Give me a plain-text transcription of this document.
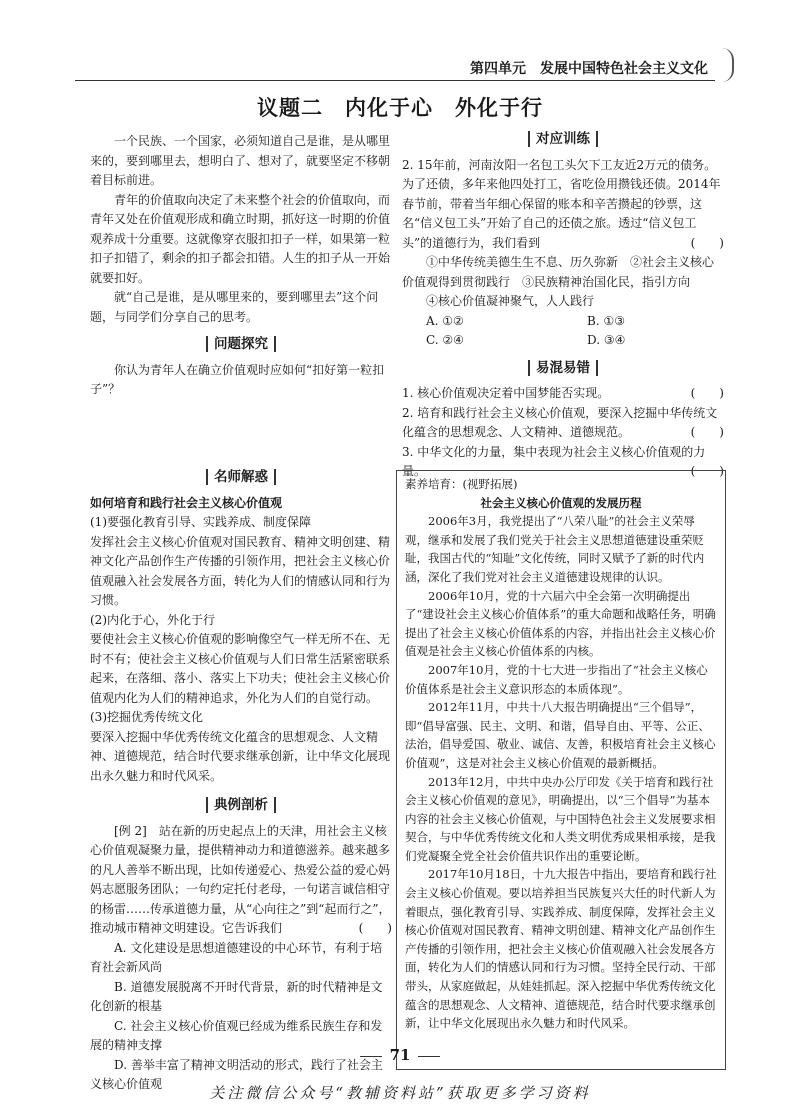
第四单元　发展中国特色社会主义文化
议题二　内化于心　外化于行

一个民族、一个国家，必须知道自己是谁，是从哪里来的，要到哪里去，想明白了、想对了，就要坚定不移朝着目标前进。

青年的价值取向决定了未来整个社会的价值取向，而青年又处在价值观形成和确立时期，抓好这一时期的价值观养成十分重要。这就像穿衣服扣扣子一样，如果第一粒扣子扣错了，剩余的扣子都会扣错。人生的扣子从一开始就要扣好。

就“自己是谁，是从哪里来的，要到哪里去”这个问题，与同学们分享自己的思考。

问题探究

你认为青年人在确立价值观时应如何“扣好第一粒扣子”？

名师解惑

如何培育和践行社会主义核心价值观

(1)要强化教育引导、实践养成、制度保障

发挥社会主义核心价值观对国民教育、精神文明创建、精神文化产品创作生产传播的引领作用，把社会主义核心价值观融入社会发展各方面，转化为人们的情感认同和行为习惯。

(2)内化于心，外化于行

要使社会主义核心价值观的影响像空气一样无所不在、无时不有；使社会主义核心价值观与人们日常生活紧密联系起来，在落细、落小、落实上下功夫；使社会主义核心价值观内化为人们的精神追求，外化为人们的自觉行动。

(3)挖掘优秀传统文化

要深入挖掘中华优秀传统文化蕴含的思想观念、人文精神、道德规范，结合时代要求继承创新，让中华文化展现出永久魅力和时代风采。

典例剖析

[例 2]　 站在新的历史起点上的天津，用社会主义核心价值观凝聚力量，提供精神动力和道德滋养。越来越多的凡人善举不断出现，比如传递爱心、热爱公益的爱心妈妈志愿服务团队；一句约定托付老母，一句诺言诚信相守的杨雷……传承道德力量，从“心向往之”到“起而行之”，推动城市精神文明建设。它告诉我们	(　　)

A. 文化建设是思想道德建设的中心环节，有利于培育社会新风尚

B. 道德发展脱离不开时代背景，新的时代精神是文化创新的根基

C. 社会主义核心价值观已经成为维系民族生存和发展的精神支撑

D. 善举丰富了精神文明活动的形式，践行了社会主义核心价值观

对应训练

2. 15年前，河南汝阳一名包工头欠下工友近2万元的债务。为了还债，多年来他四处打工，省吃俭用攒钱还债。2014年春节前，带着当年细心保留的账本和辛苦攒起的钞票，这名“信义包工头”开始了自己的还债之旅。透过“信义包工头”的道德行为，我们看到	(　　)

①中华传统美德生生不息、历久弥新　②社会主义核心价值观得到贯彻践行　③民族精神治国化民，指引方向

④核心价值凝神聚气，人人践行

A. ①②	B. ①③
C. ②④	D. ③④
易混易错

1. 核心价值观决定着中国梦能否实现。	(　　)

2. 培育和践行社会主义核心价值观，要深入挖掘中华传统文化蕴含的思想观念、人文精神、道德规范。	(　　)

3. 中华文化的力量，集中表现为社会主义核心价值观的力量。	(　　)

素养培育：(视野拓展)

社会主义核心价值观的发展历程

2006年3月，我党提出了“八荣八耻”的社会主义荣辱观，继承和发展了我们党关于社会主义思想道德建设重荣贬耻，我国古代的“知耻”文化传统，同时又赋予了新的时代内涵，深化了我们党对社会主义道德建设规律的认识。

2006年10月，党的十六届六中全会第一次明确提出了“建设社会主义核心价值体系”的重大命题和战略任务，明确提出了社会主义核心价值体系的内容，并指出社会主义核心价值观是社会主义核心价值体系的内核。

2007年10月，党的十七大进一步指出了“社会主义核心价值体系是社会主义意识形态的本质体现”。

2012年11月，中共十八大报告明确提出“三个倡导”，即“倡导富强、民主、文明、和谐，倡导自由、平等、公正、法治，倡导爱国、敬业、诚信、友善，积极培育社会主义核心价值观”，这是对社会主义核心价值观的最新概括。

2013年12月，中共中央办公厅印发《关于培育和践行社会主义核心价值观的意见》，明确提出，以“三个倡导”为基本内容的社会主义核心价值观，与中国特色社会主义发展要求相契合，与中华优秀传统文化和人类文明优秀成果相承接，是我们党凝聚全党全社会价值共识作出的重要论断。

2017年10月18日，十九大报告中指出，要培育和践行社会主义核心价值观。要以培养担当民族复兴大任的时代新人为着眼点，强化教育引导、实践养成、制度保障，发挥社会主义核心价值观对国民教育、精神文明创建、精神文化产品创作生产传播的引领作用，把社会主义核心价值观融入社会发展各方面，转化为人们的情感认同和行为习惯。坚持全民行动、干部带头，从家庭做起，从娃娃抓起。深入挖掘中华优秀传统文化蕴含的思想观念、人文精神、道德规范，结合时代要求继承创新，让中华文化展现出永久魅力和时代风采。

71
关注微信公众号“教辅资料站”获取更多学习资料
